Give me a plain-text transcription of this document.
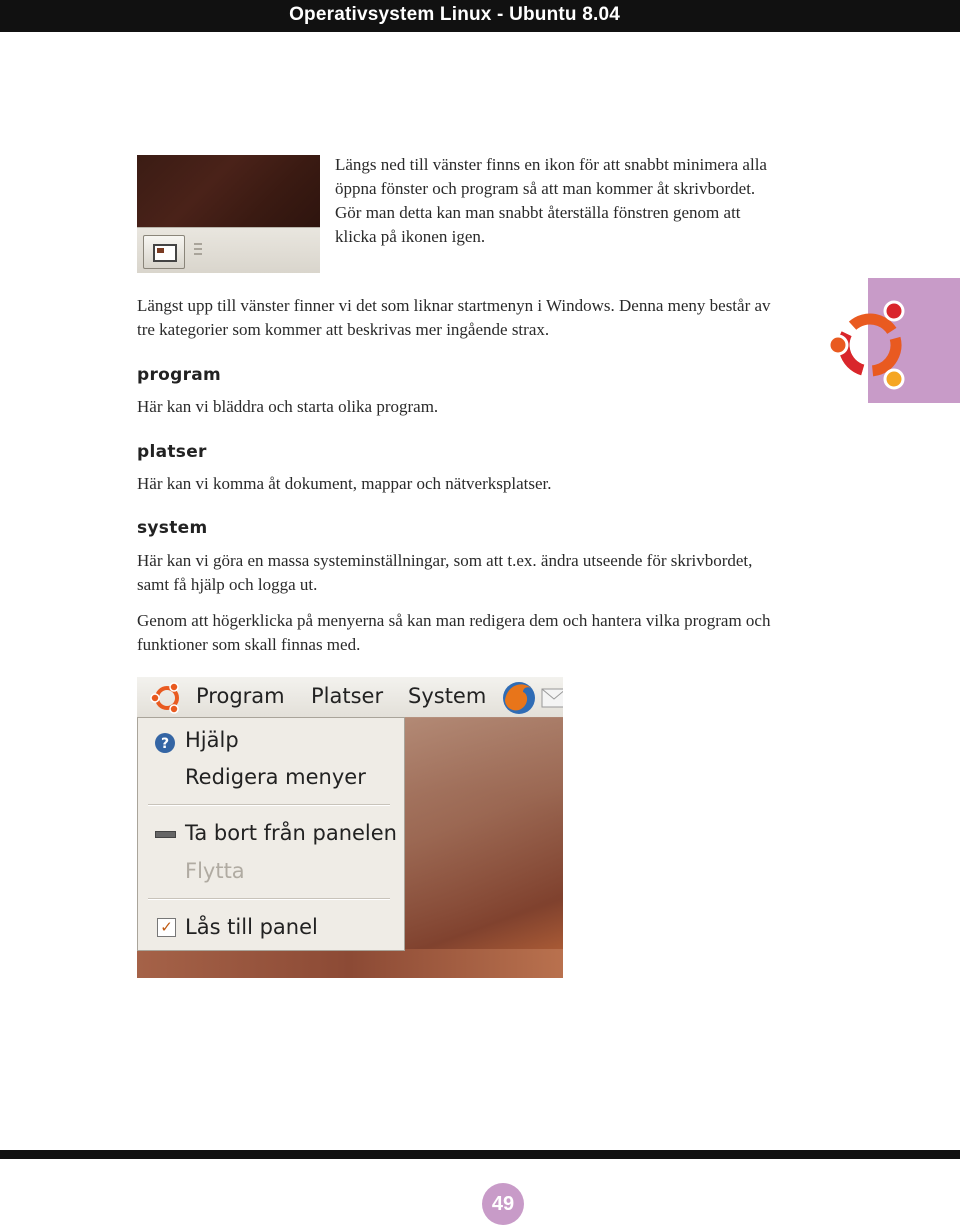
Operativsystem Linux - Ubuntu 8.04
Längs ned till vänster finns en ikon för att snabbt minimera alla öppna fönster och program så att man kommer åt skrivbordet. Gör man detta kan man snabbt återställa fönstren genom att klicka på ikonen igen.
Längst upp till vänster finner vi det som liknar startmenyn i Windows. Denna meny består av tre kategorier som kommer att beskrivas mer ingående strax.
program
Här kan vi bläddra och starta olika program.
platser
Här kan vi komma åt dokument, mappar och nätverksplatser.
system
Här kan vi göra en massa systeminställningar, som att t.ex. ändra utseende för skrivbordet, samt få hjälp och logga ut.
Genom att högerklicka på menyerna så kan man redigera dem och hantera vilka program och funktioner som skall finnas med.
Program Platser System
? Hjälp
Redigera menyer
Ta bort från panelen
Flytta
✓ Lås till panel
49
